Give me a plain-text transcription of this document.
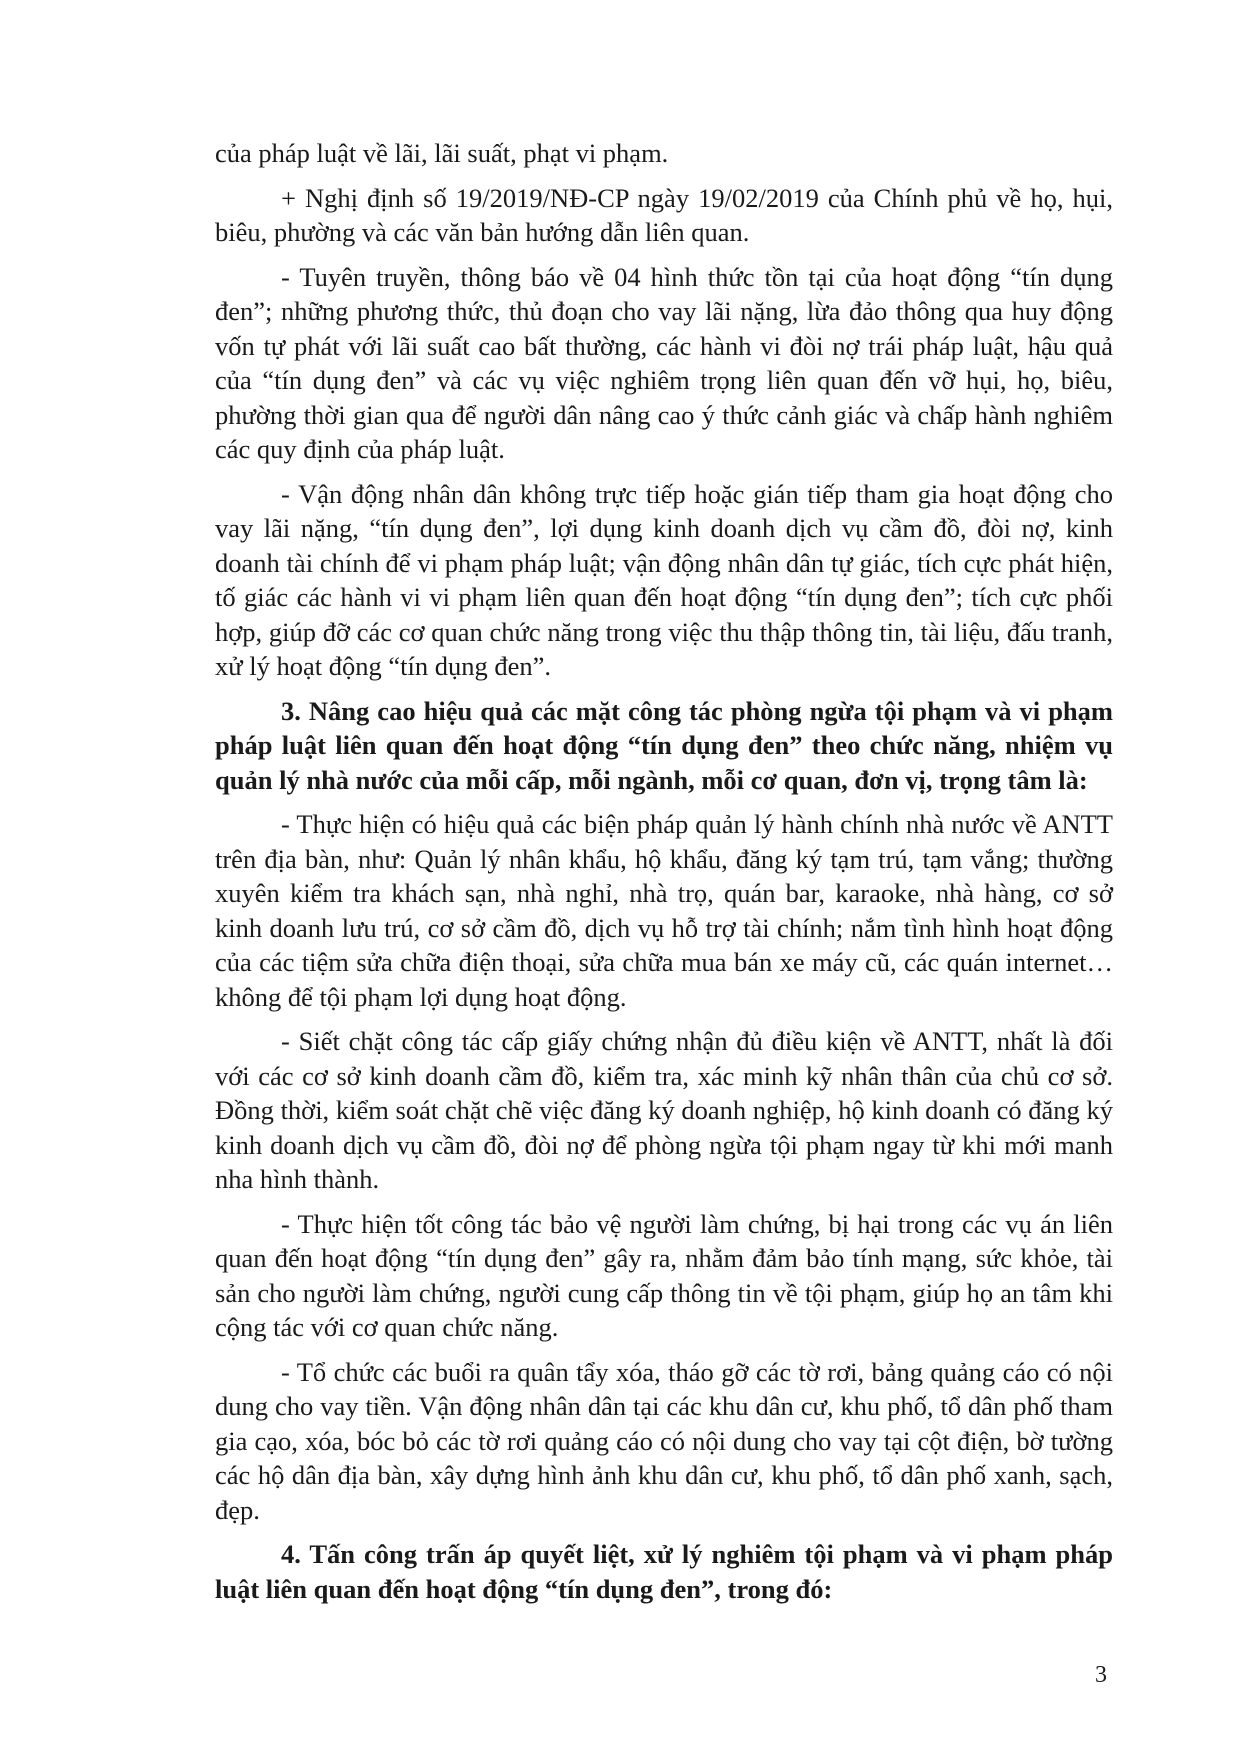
của pháp luật về lãi, lãi suất, phạt vi phạm.

+ Nghị định số 19/2019/NĐ-CP ngày 19/02/2019 của Chính phủ về họ, hụi, biêu, phường và các văn bản hướng dẫn liên quan.

- Tuyên truyền, thông báo về 04 hình thức tồn tại của hoạt động “tín dụng đen”; những phương thức, thủ đoạn cho vay lãi nặng, lừa đảo thông qua huy động vốn tự phát với lãi suất cao bất thường, các hành vi đòi nợ trái pháp luật, hậu quả của “tín dụng đen” và các vụ việc nghiêm trọng liên quan đến vỡ hụi, họ, biêu, phường thời gian qua để người dân nâng cao ý thức cảnh giác và chấp hành nghiêm các quy định của pháp luật.

- Vận động nhân dân không trực tiếp hoặc gián tiếp tham gia hoạt động cho vay lãi nặng, “tín dụng đen”, lợi dụng kinh doanh dịch vụ cầm đồ, đòi nợ, kinh doanh tài chính để vi phạm pháp luật; vận động nhân dân tự giác, tích cực phát hiện, tố giác các hành vi vi phạm liên quan đến hoạt động “tín dụng đen”; tích cực phối hợp, giúp đỡ các cơ quan chức năng trong việc thu thập thông tin, tài liệu, đấu tranh, xử lý hoạt động “tín dụng đen”.

3. Nâng cao hiệu quả các mặt công tác phòng ngừa tội phạm và vi phạm pháp luật liên quan đến hoạt động “tín dụng đen” theo chức năng, nhiệm vụ quản lý nhà nước của mỗi cấp, mỗi ngành, mỗi cơ quan, đơn vị, trọng tâm là:

- Thực hiện có hiệu quả các biện pháp quản lý hành chính nhà nước về ANTT trên địa bàn, như: Quản lý nhân khẩu, hộ khẩu, đăng ký tạm trú, tạm vắng; thường xuyên kiểm tra khách sạn, nhà nghỉ, nhà trọ, quán bar, karaoke, nhà hàng, cơ sở kinh doanh lưu trú, cơ sở cầm đồ, dịch vụ hỗ trợ tài chính; nắm tình hình hoạt động của các tiệm sửa chữa điện thoại, sửa chữa mua bán xe máy cũ, các quán internet… không để tội phạm lợi dụng hoạt động.

- Siết chặt công tác cấp giấy chứng nhận đủ điều kiện về ANTT, nhất là đối với các cơ sở kinh doanh cầm đồ, kiểm tra, xác minh kỹ nhân thân của chủ cơ sở. Đồng thời, kiểm soát chặt chẽ việc đăng ký doanh nghiệp, hộ kinh doanh có đăng ký kinh doanh dịch vụ cầm đồ, đòi nợ để phòng ngừa tội phạm ngay từ khi mới manh nha hình thành.

- Thực hiện tốt công tác bảo vệ người làm chứng, bị hại trong các vụ án liên quan đến hoạt động “tín dụng đen” gây ra, nhằm đảm bảo tính mạng, sức khỏe, tài sản cho người làm chứng, người cung cấp thông tin về tội phạm, giúp họ an tâm khi cộng tác với cơ quan chức năng.

- Tổ chức các buổi ra quân tẩy xóa, tháo gỡ các tờ rơi, bảng quảng cáo có nội dung cho vay tiền. Vận động nhân dân tại các khu dân cư, khu phố, tổ dân phố tham gia cạo, xóa, bóc bỏ các tờ rơi quảng cáo có nội dung cho vay tại cột điện, bờ tường các hộ dân địa bàn, xây dựng hình ảnh khu dân cư, khu phố, tổ dân phố xanh, sạch, đẹp.

4. Tấn công trấn áp quyết liệt, xử lý nghiêm tội phạm và vi phạm pháp luật liên quan đến hoạt động “tín dụng đen”, trong đó:

3
